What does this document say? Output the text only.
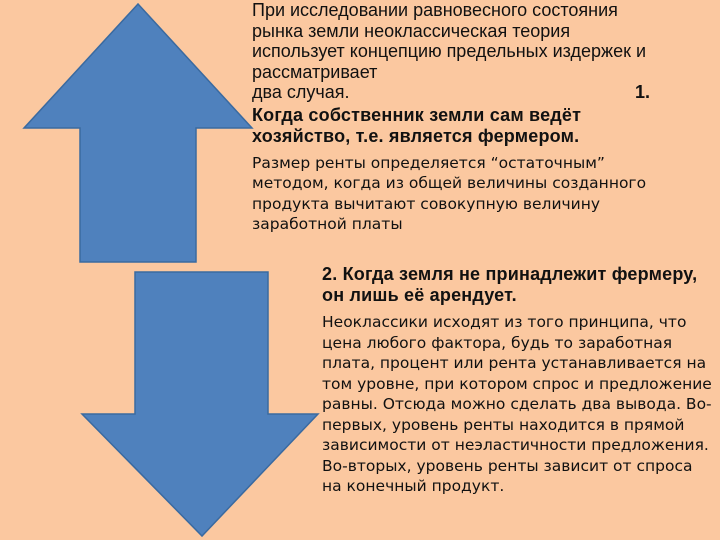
При исследовании равновесного состояния рынка земли неоклассическая теория использует концепцию предельных издержек и рассматривает

два случая.	1.

Когда собственник земли сам ведёт хозяйство, т.е. является фермером.

Размер ренты определяется “остаточным” методом, когда из общей величины созданного продукта вычитают совокупную величину заработной платы

2. Когда земля не принадлежит фермеру, он лишь её арендует.

Неоклассики исходят из того принципа, что цена любого фактора, будь то заработная плата, процент или рента устанавливается на том уровне, при котором спрос и предложение равны. Отсюда можно сделать два вывода. Во-первых, уровень ренты находится в прямой зависимости от неэластичности предложения. Во-вторых, уровень ренты зависит от спроса на конечный продукт.
